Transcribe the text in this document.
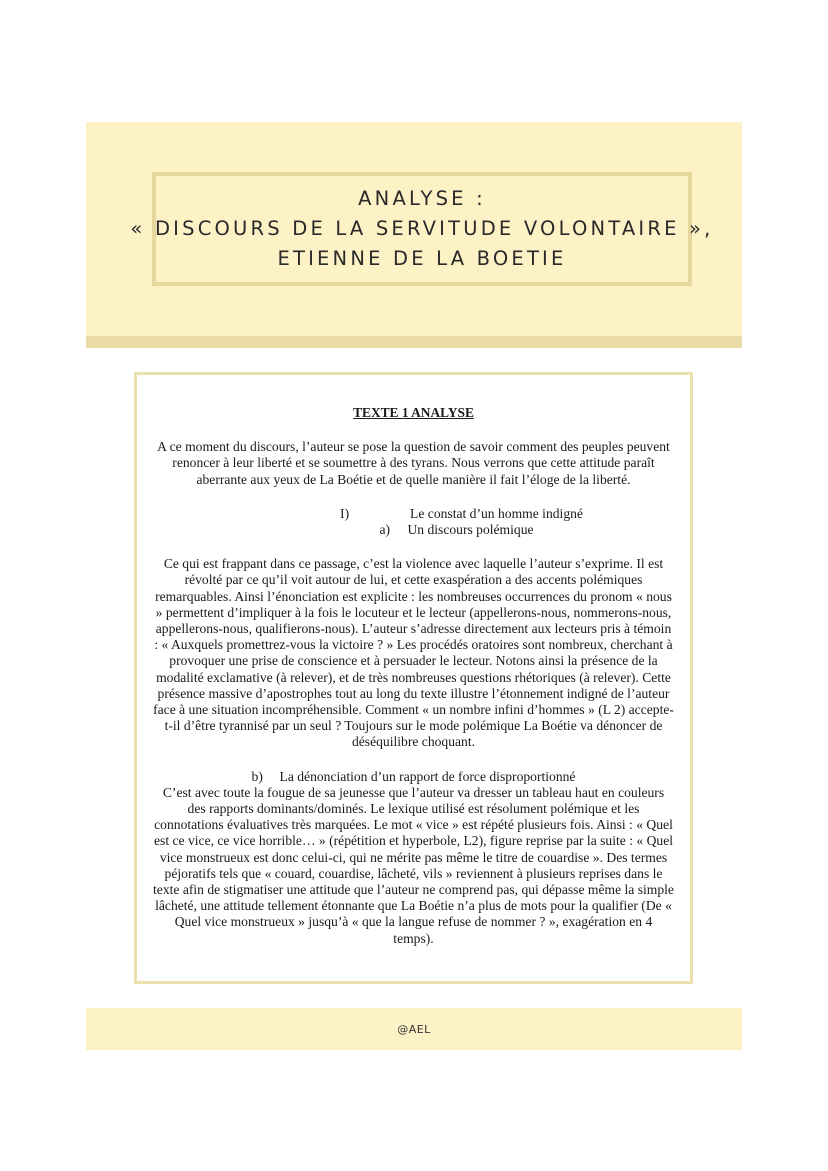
ANALYSE :
« DISCOURS DE LA SERVITUDE VOLONTAIRE »,
ETIENNE DE LA BOETIE

TEXTE 1 ANALYSE

A ce moment du discours, l’auteur se pose la question de savoir comment des peuples peuvent renoncer à leur liberté et se soumettre à des tyrans. Nous verrons que cette attitude paraît aberrante aux yeux de La Boétie et de quelle manière il fait l’éloge de la liberté.

I)	Le constat d’un homme indigné
a) Un discours polémique

Ce qui est frappant dans ce passage, c’est la violence avec laquelle l’auteur s’exprime. Il est révolté par ce qu’il voit autour de lui, et cette exaspération a des accents polémiques remarquables. Ainsi l’énonciation est explicite : les nombreuses occurrences du pronom « nous » permettent d’impliquer à la fois le locuteur et le lecteur (appellerons-nous, nommerons-nous, appellerons-nous, qualifierons-nous). L’auteur s’adresse directement aux lecteurs pris à témoin : « Auxquels promettrez-vous la victoire ? » Les procédés oratoires sont nombreux, cherchant à provoquer une prise de conscience et à persuader le lecteur. Notons ainsi la présence de la modalité exclamative (à relever), et de très nombreuses questions rhétoriques (à relever). Cette présence massive d’apostrophes tout au long du texte illustre l’étonnement indigné de l’auteur face à une situation incompréhensible. Comment « un nombre infini d’hommes » (L 2) accepte-t-il d’être tyrannisé par un seul ? Toujours sur le mode polémique La Boétie va dénoncer de déséquilibre choquant.

b) La dénonciation d’un rapport de force disproportionné

C’est avec toute la fougue de sa jeunesse que l’auteur va dresser un tableau haut en couleurs des rapports dominants/dominés. Le lexique utilisé est résolument polémique et les connotations évaluatives très marquées. Le mot « vice » est répété plusieurs fois. Ainsi : « Quel est ce vice, ce vice horrible… » (répétition et hyperbole, L2), figure reprise par la suite : « Quel vice monstrueux est donc celui-ci, qui ne mérite pas même le titre de couardise ». Des termes péjoratifs tels que « couard, couardise, lâcheté, vils » reviennent à plusieurs reprises dans le texte afin de stigmatiser une attitude que l’auteur ne comprend pas, qui dépasse même la simple lâcheté, une attitude tellement étonnante que La Boétie n’a plus de mots pour la qualifier (De « Quel vice monstrueux » jusqu’à « que la langue refuse de nommer ? », exagération en 4 temps).

@AEL
